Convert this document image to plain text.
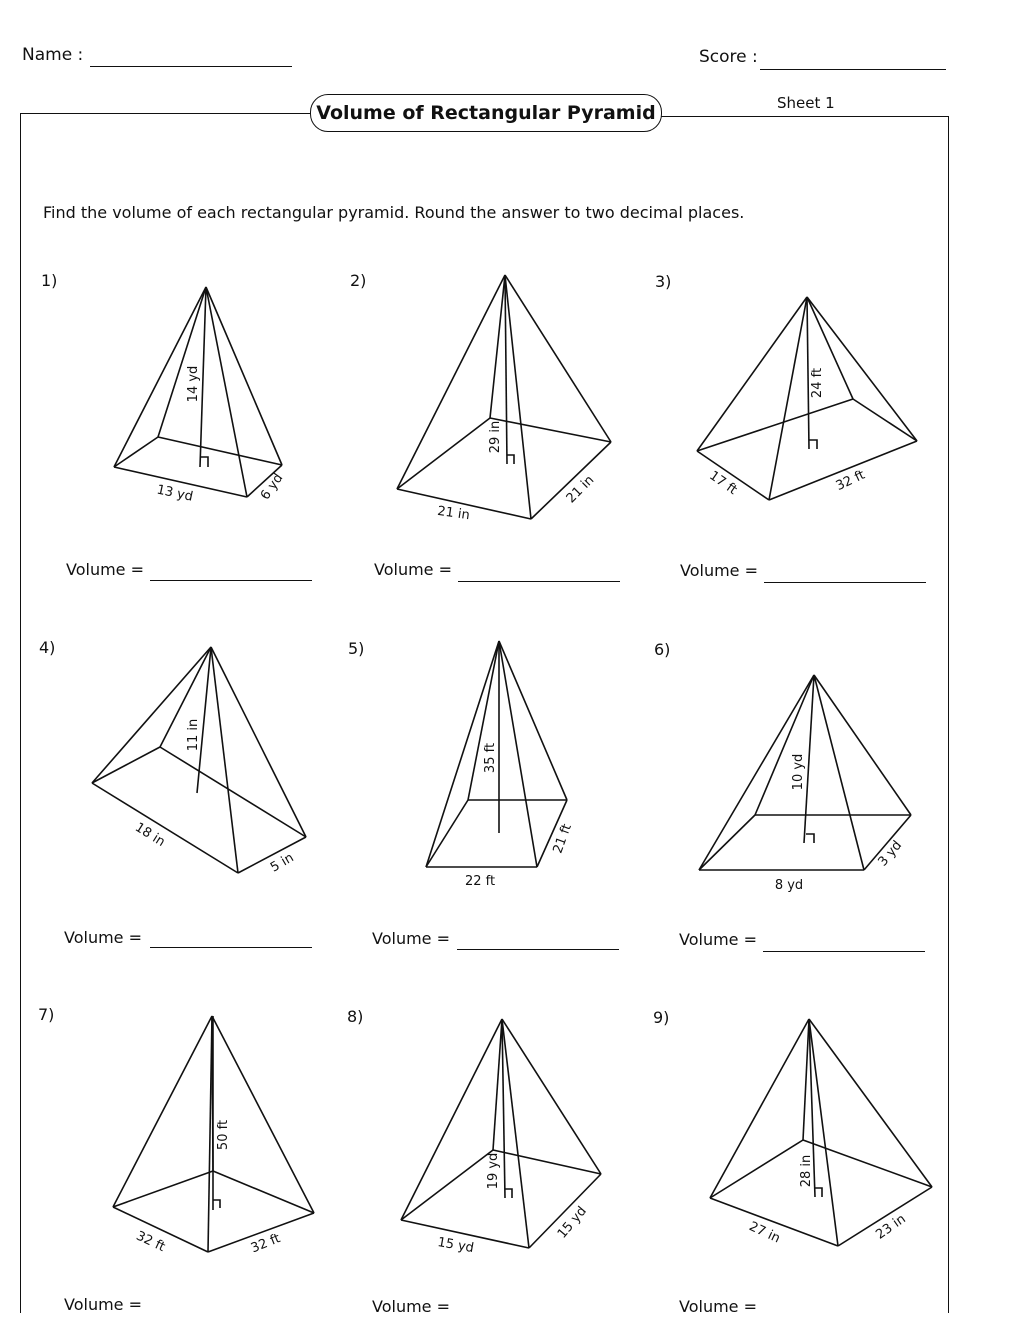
Name :	Score :
Volume of Rectangular Pyramid	Sheet 1
Find the volume of each rectangular pyramid. Round the answer to two decimal places.
1)	2)	3)
4)	5)	6)
7)	8)	9)
Volume =	Volume =	Volume =
Volume =	Volume =	Volume =
Volume =	Volume =	Volume =
14 yd
13 yd	6 yd
29 in
21 in
21 in
24 ft
17 ft	32 ft
11 in
18 in
5 in
35 ft
22 ft
21 ft
10 yd
8 yd
3 yd
50 ft
32 ft	32 ft
19 yd
15 yd
15 yd
28 in
27 in	23 in
